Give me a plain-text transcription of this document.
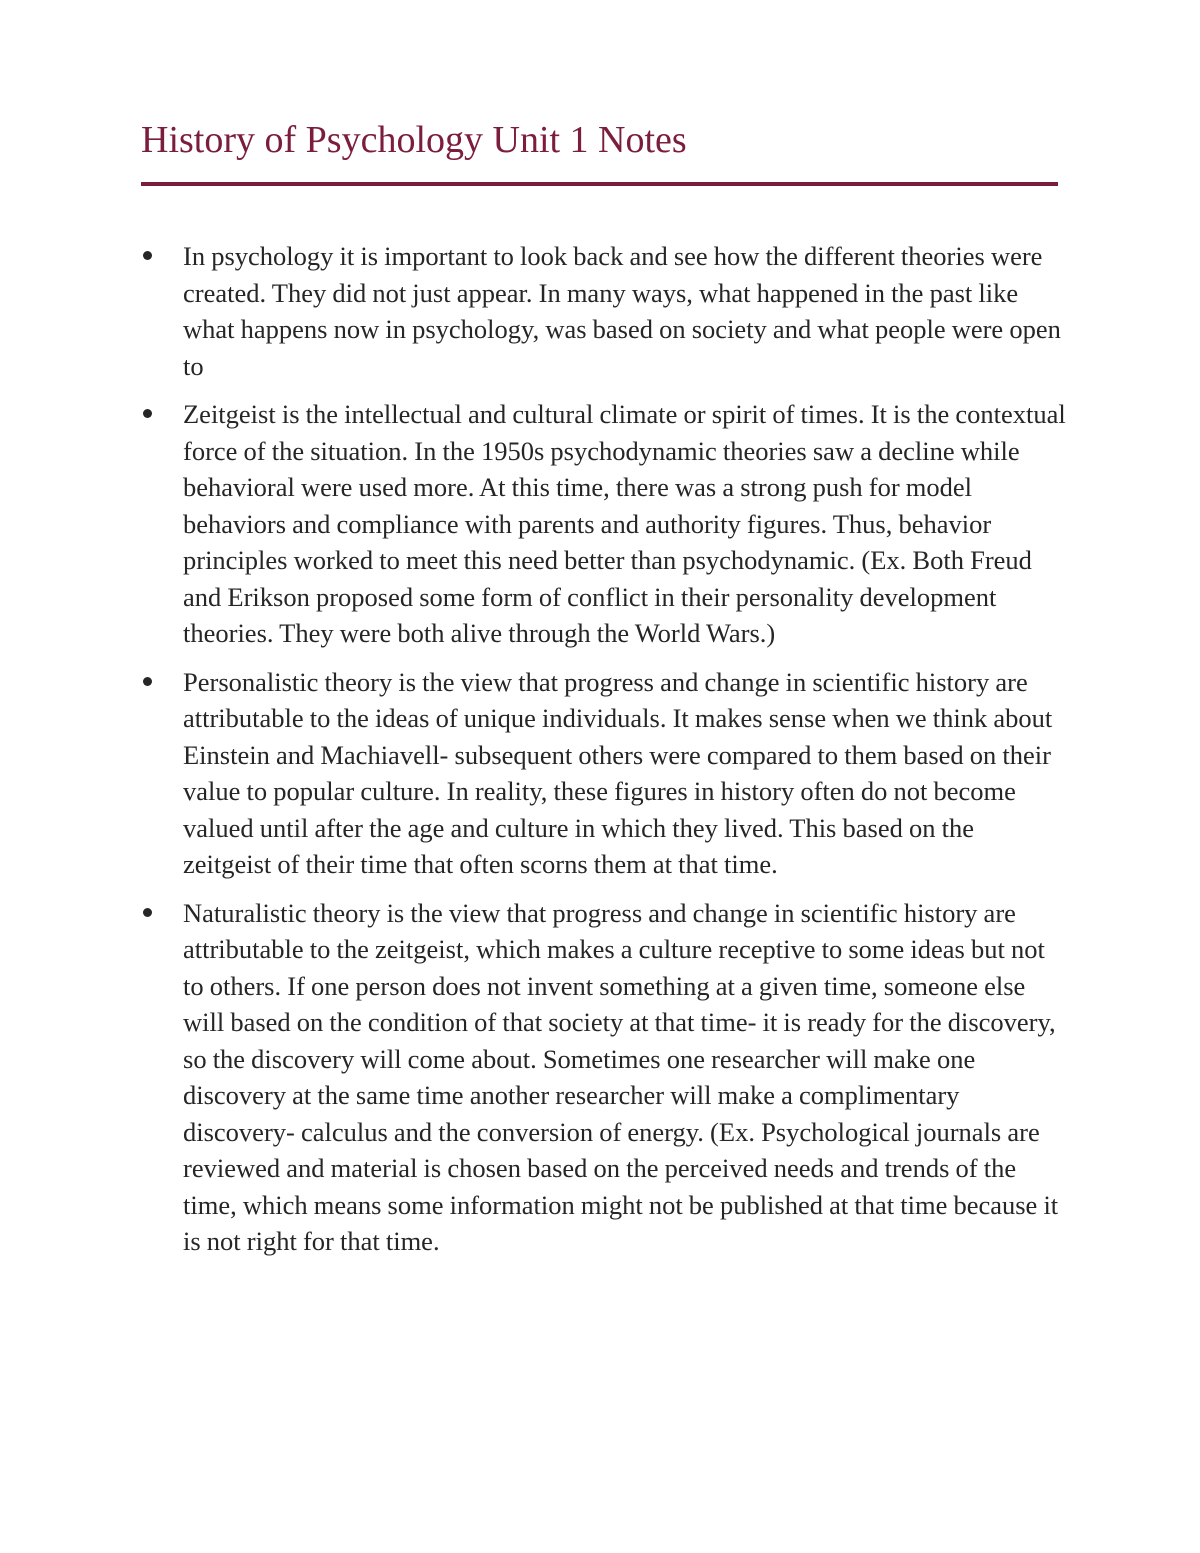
History of Psychology Unit 1 Notes
In psychology it is important to look back and see how the different theories were created. They did not just appear. In many ways, what happened in the past like what happens now in psychology, was based on society and what people were open to
Zeitgeist is the intellectual and cultural climate or spirit of times. It is the contextual force of the situation. In the 1950s psychodynamic theories saw a decline while behavioral were used more. At this time, there was a strong push for model behaviors and compliance with parents and authority figures. Thus, behavior principles worked to meet this need better than psychodynamic. (Ex. Both Freud and Erikson proposed some form of conflict in their personality development theories. They were both alive through the World Wars.)
Personalistic theory is the view that progress and change in scientific history are attributable to the ideas of unique individuals. It makes sense when we think about Einstein and Machiavell- subsequent others were compared to them based on their value to popular culture. In reality, these figures in history often do not become valued until after the age and culture in which they lived. This based on the zeitgeist of their time that often scorns them at that time.
Naturalistic theory is the view that progress and change in scientific history are attributable to the zeitgeist, which makes a culture receptive to some ideas but not to others. If one person does not invent something at a given time, someone else will based on the condition of that society at that time- it is ready for the discovery, so the discovery will come about. Sometimes one researcher will make one discovery at the same time another researcher will make a complimentary discovery- calculus and the conversion of energy. (Ex. Psychological journals are reviewed and material is chosen based on the perceived needs and trends of the time, which means some information might not be published at that time because it is not right for that time.
